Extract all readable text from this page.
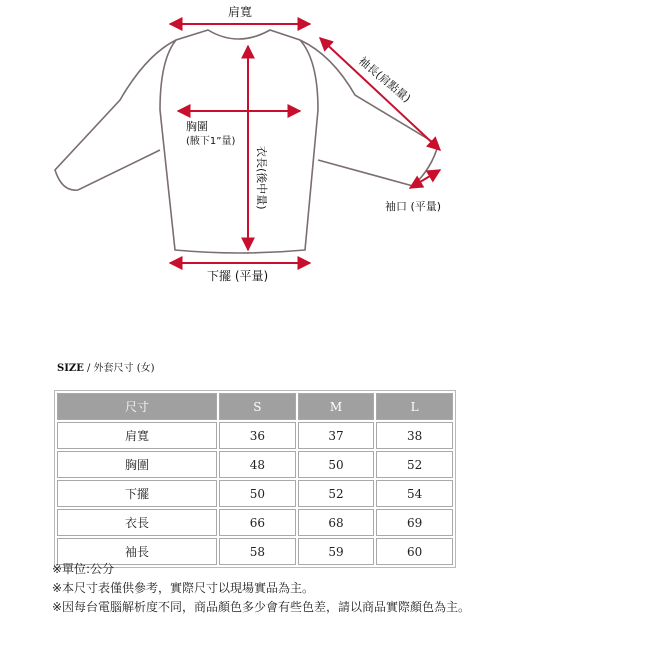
肩寬
袖長(肩點量)
胸圍
(腋下1”量)
衣長(後中量)	袖口 (平量)
下擺 (平量)
SIZE / 外套尺寸 (女)
尺寸	S	M	L
肩寬	36	37	38
胸圍	48	50	52
下擺	50	52	54
衣長	66	68	69
袖長	58	59	60

※單位:公分

※本尺寸表僅供參考，實際尺寸以現場實品為主。

※因每台電腦解析度不同，商品顏色多少會有些色差，請以商品實際顏色為主。
